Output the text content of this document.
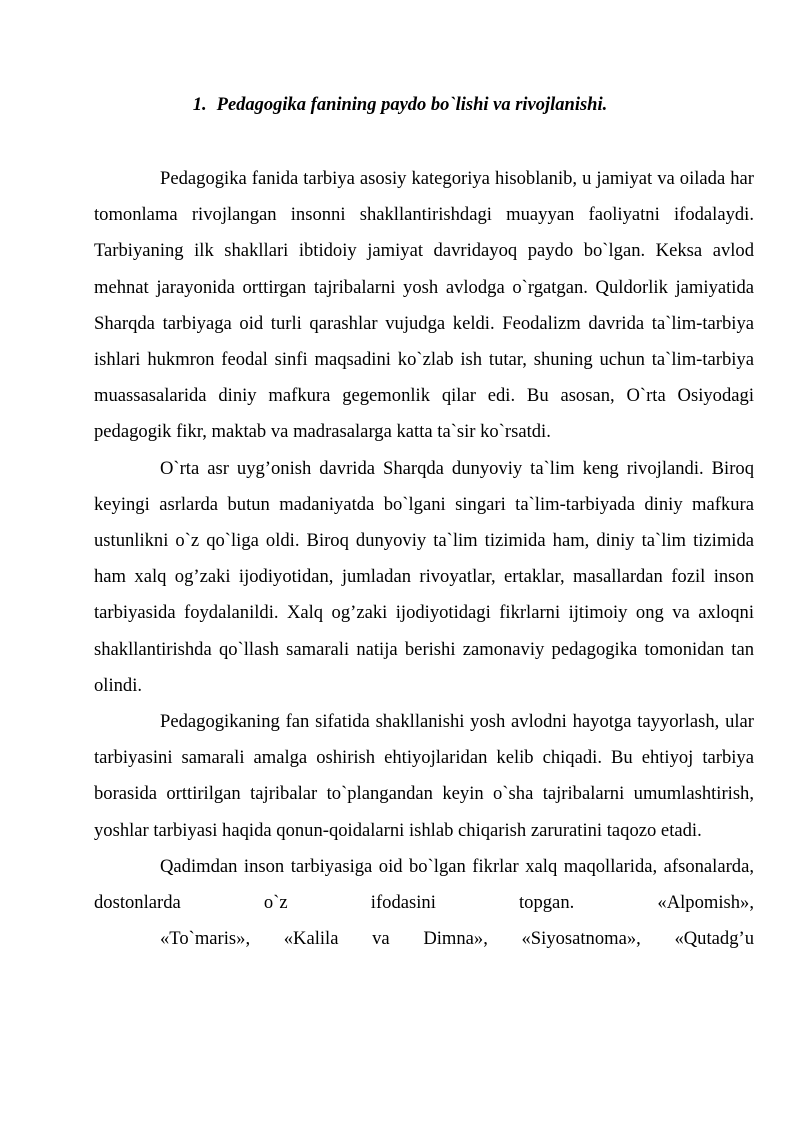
1. Pedagogika fanining paydo bo`lishi va rivojlanishi.

Pedagogika fanida tarbiya asosiy kategoriya hisoblanib, u jamiyat va oilada har tomonlama rivojlangan insonni shakllantirishdagi muayyan faoliyatni ifodalaydi. Tarbiyaning ilk shakllari ibtidoiy jamiyat davridayoq paydo bo`lgan. Keksa avlod mehnat jarayonida orttirgan tajribalarni yosh avlodga o`rgatgan. Quldorlik jamiyatida Sharqda tarbiyaga oid turli qarashlar vujudga keldi. Feodalizm davrida ta`lim-tarbiya ishlari hukmron feodal sinfi maqsadini ko`zlab ish tutar, shuning uchun ta`lim-tarbiya muassasalarida diniy mafkura gegemonlik qilar edi. Bu asosan, O`rta Osiyodagi pedagogik fikr, maktab va madrasalarga katta ta`sir ko`rsatdi.

O`rta asr uyg’onish davrida Sharqda dunyoviy ta`lim keng rivojlandi. Biroq keyingi asrlarda butun madaniyatda bo`lgani singari ta`lim-tarbiyada diniy mafkura ustunlikni o`z qo`liga oldi. Biroq dunyoviy ta`lim tizimida ham, diniy ta`lim tizimida ham xalq og’zaki ijodiyotidan, jumladan rivoyatlar, ertaklar, masallardan fozil inson tarbiyasida foydalanildi. Xalq og’zaki ijodiyotidagi fikrlarni ijtimoiy ong va axloqni shakllantirishda qo`llash samarali natija berishi zamonaviy pedagogika tomonidan tan olindi.

Pedagogikaning fan sifatida shakllanishi yosh avlodni hayotga tayyorlash, ular tarbiyasini samarali amalga oshirish ehtiyojlaridan kelib chiqadi. Bu ehtiyoj tarbiya borasida orttirilgan tajribalar to`plangandan keyin o`sha tajribalarni umumlashtirish, yoshlar tarbiyasi haqida qonun-qoidalarni ishlab chiqarish zaruratini taqozo etadi.

Qadimdan inson tarbiyasiga oid bo`lgan fikrlar xalq maqollarida, afsonalarda, dostonlarda o`z ifodasini topgan. «Alpomish»,

«To`maris», «Kalila va Dimna», «Siyosatnoma», «Qutadg’u
